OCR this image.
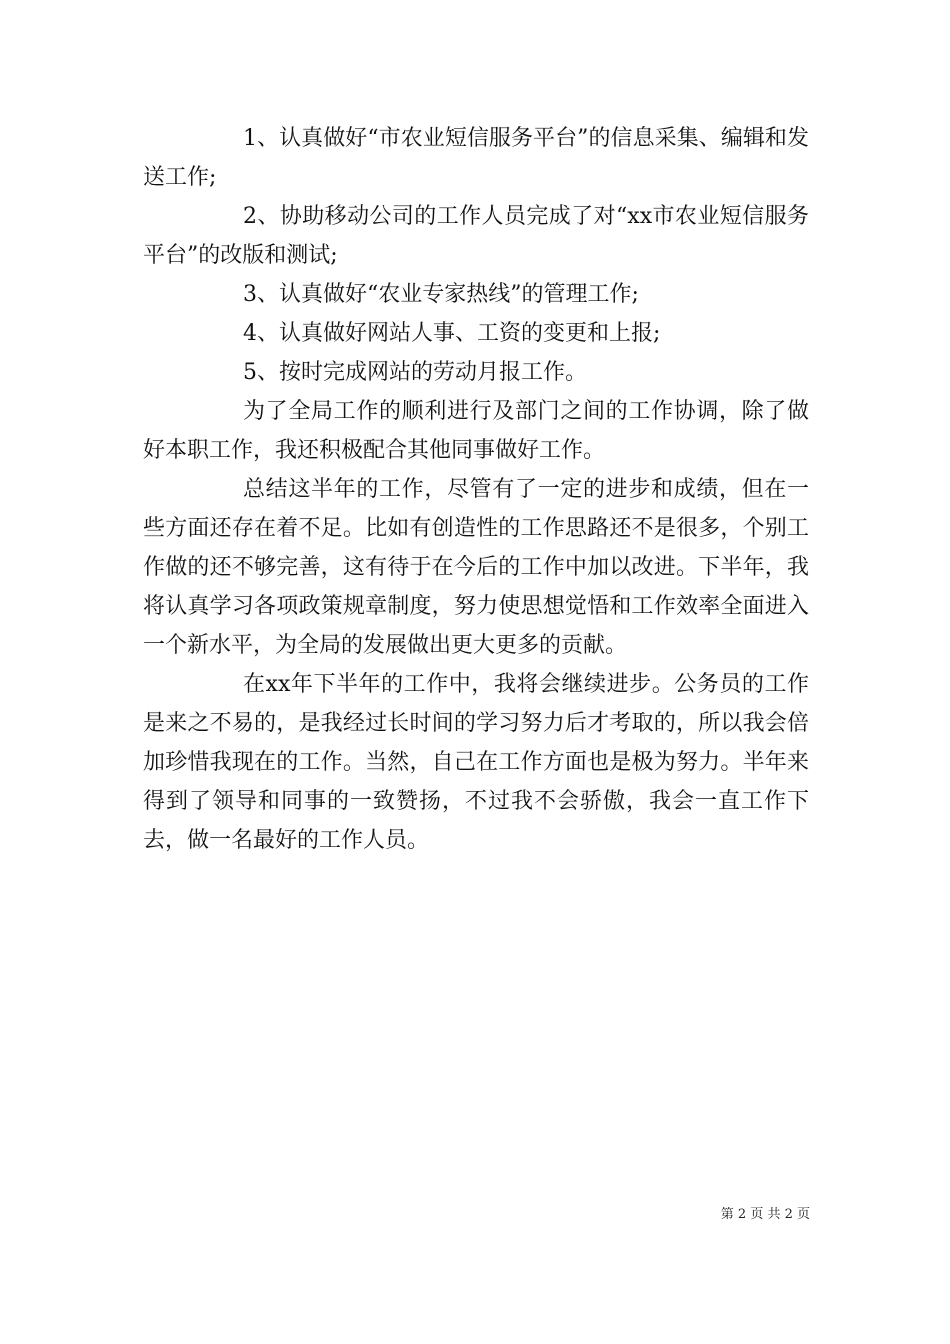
1、认真做好“市农业短信服务平台”的信息采集、编辑和发送工作;

2、协助移动公司的工作人员完成了对“xx市农业短信服务平台”的改版和测试;

3、认真做好“农业专家热线”的管理工作;

4、认真做好网站人事、工资的变更和上报;

5、按时完成网站的劳动月报工作。

为了全局工作的顺利进行及部门之间的工作协调，除了做好本职工作，我还积极配合其他同事做好工作。

总结这半年的工作，尽管有了一定的进步和成绩，但在一些方面还存在着不足。比如有创造性的工作思路还不是很多，个别工作做的还不够完善，这有待于在今后的工作中加以改进。下半年，我将认真学习各项政策规章制度，努力使思想觉悟和工作效率全面进入一个新水平，为全局的发展做出更大更多的贡献。

在xx年下半年的工作中，我将会继续进步。公务员的工作是来之不易的，是我经过长时间的学习努力后才考取的，所以我会倍加珍惜我现在的工作。当然，自己在工作方面也是极为努力。半年来得到了领导和同事的一致赞扬，不过我不会骄傲，我会一直工作下去，做一名最好的工作人员。

第 2 页 共 2 页
